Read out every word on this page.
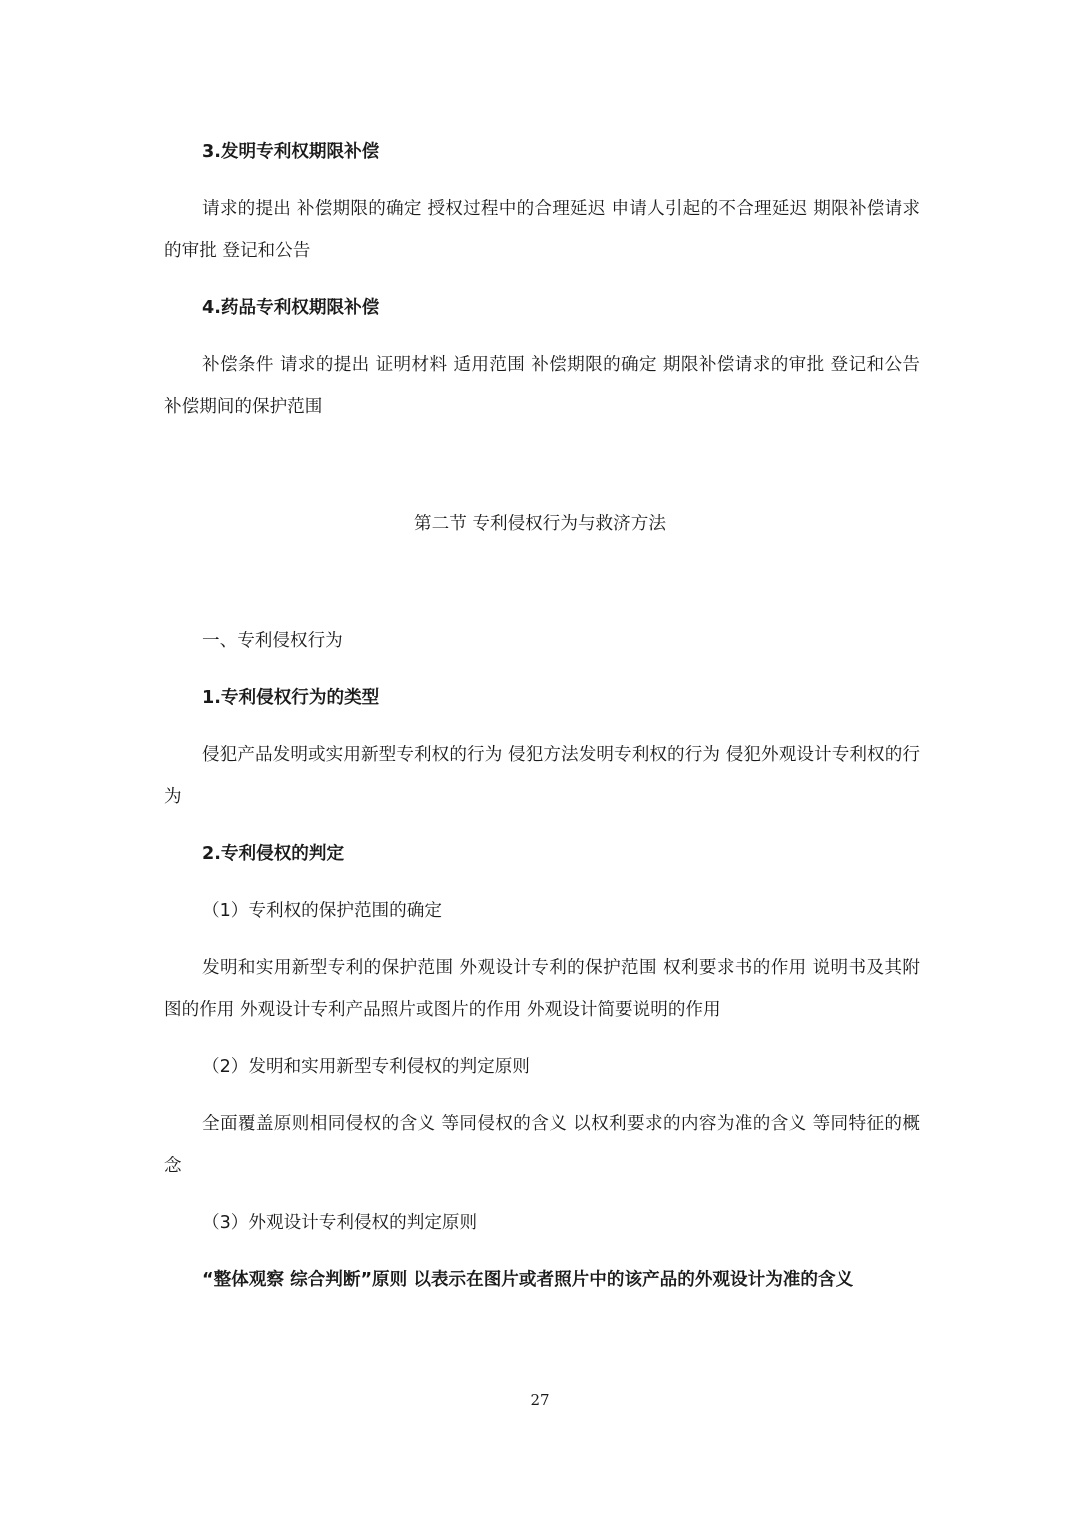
3.发明专利权期限补偿

请求的提出 补偿期限的确定 授权过程中的合理延迟 申请人引起的不合理延迟 期限补偿请求的审批 登记和公告

4.药品专利权期限补偿

补偿条件 请求的提出 证明材料 适用范围 补偿期限的确定 期限补偿请求的审批 登记和公告 补偿期间的保护范围

第二节 专利侵权行为与救济方法

一、专利侵权行为

1.专利侵权行为的类型

侵犯产品发明或实用新型专利权的行为 侵犯方法发明专利权的行为 侵犯外观设计专利权的行为

2.专利侵权的判定

（1）专利权的保护范围的确定

发明和实用新型专利的保护范围 外观设计专利的保护范围 权利要求书的作用 说明书及其附图的作用 外观设计专利产品照片或图片的作用 外观设计简要说明的作用

（2）发明和实用新型专利侵权的判定原则

全面覆盖原则相同侵权的含义 等同侵权的含义 以权利要求的内容为准的含义 等同特征的概念

（3）外观设计专利侵权的判定原则

“整体观察 综合判断”原则 以表示在图片或者照片中的该产品的外观设计为准的含义

27
